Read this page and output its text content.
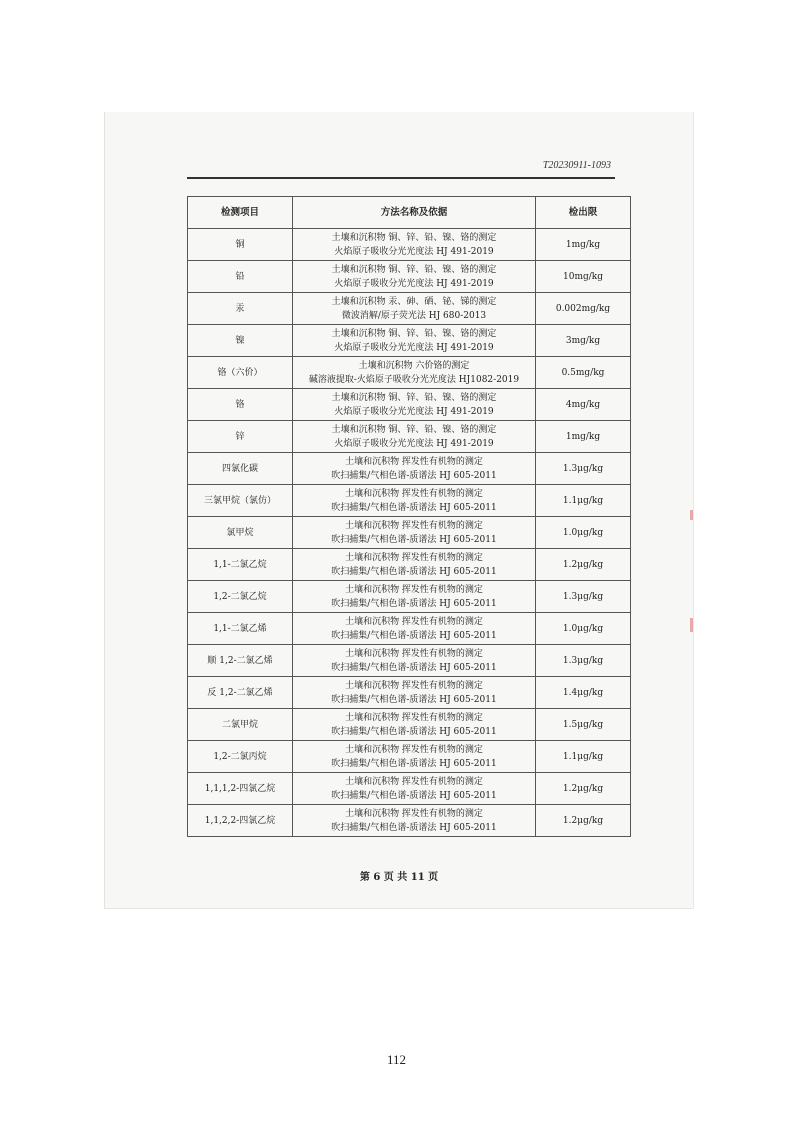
T20230911-1093
检测项目	方法名称及依据	检出限
铜	土壤和沉积物 铜、锌、铅、镍、铬的测定
火焰原子吸收分光光度法 HJ 491-2019	1mg/kg
铅	土壤和沉积物 铜、锌、铅、镍、铬的测定
火焰原子吸收分光光度法 HJ 491-2019	10mg/kg
汞	土壤和沉积物 汞、砷、硒、铋、锑的测定
微波消解/原子荧光法 HJ 680-2013	0.002mg/kg
镍	土壤和沉积物 铜、锌、铅、镍、铬的测定
火焰原子吸收分光光度法 HJ 491-2019	3mg/kg
铬（六价）	土壤和沉积物 六价铬的测定
碱溶液提取-火焰原子吸收分光光度法 HJ1082-2019	0.5mg/kg
铬	土壤和沉积物 铜、锌、铅、镍、铬的测定
火焰原子吸收分光光度法 HJ 491-2019	4mg/kg
锌	土壤和沉积物 铜、锌、铅、镍、铬的测定
火焰原子吸收分光光度法 HJ 491-2019	1mg/kg
四氯化碳	土壤和沉积物 挥发性有机物的测定
吹扫捕集/气相色谱-质谱法 HJ 605-2011	1.3μg/kg
三氯甲烷（氯仿）	土壤和沉积物 挥发性有机物的测定
吹扫捕集/气相色谱-质谱法 HJ 605-2011	1.1μg/kg
氯甲烷	土壤和沉积物 挥发性有机物的测定
吹扫捕集/气相色谱-质谱法 HJ 605-2011	1.0μg/kg
1,1-二氯乙烷	土壤和沉积物 挥发性有机物的测定
吹扫捕集/气相色谱-质谱法 HJ 605-2011	1.2μg/kg
1,2-二氯乙烷	土壤和沉积物 挥发性有机物的测定
吹扫捕集/气相色谱-质谱法 HJ 605-2011	1.3μg/kg
1,1-二氯乙烯	土壤和沉积物 挥发性有机物的测定
吹扫捕集/气相色谱-质谱法 HJ 605-2011	1.0μg/kg
顺 1,2-二氯乙烯	土壤和沉积物 挥发性有机物的测定
吹扫捕集/气相色谱-质谱法 HJ 605-2011	1.3μg/kg
反 1,2-二氯乙烯	土壤和沉积物 挥发性有机物的测定
吹扫捕集/气相色谱-质谱法 HJ 605-2011	1.4μg/kg
二氯甲烷	土壤和沉积物 挥发性有机物的测定
吹扫捕集/气相色谱-质谱法 HJ 605-2011	1.5μg/kg
1,2-二氯丙烷	土壤和沉积物 挥发性有机物的测定
吹扫捕集/气相色谱-质谱法 HJ 605-2011	1.1μg/kg
1,1,1,2-四氯乙烷	土壤和沉积物 挥发性有机物的测定
吹扫捕集/气相色谱-质谱法 HJ 605-2011	1.2μg/kg
1,1,2,2-四氯乙烷	土壤和沉积物 挥发性有机物的测定
吹扫捕集/气相色谱-质谱法 HJ 605-2011	1.2μg/kg
第 6 页 共 11 页
112
